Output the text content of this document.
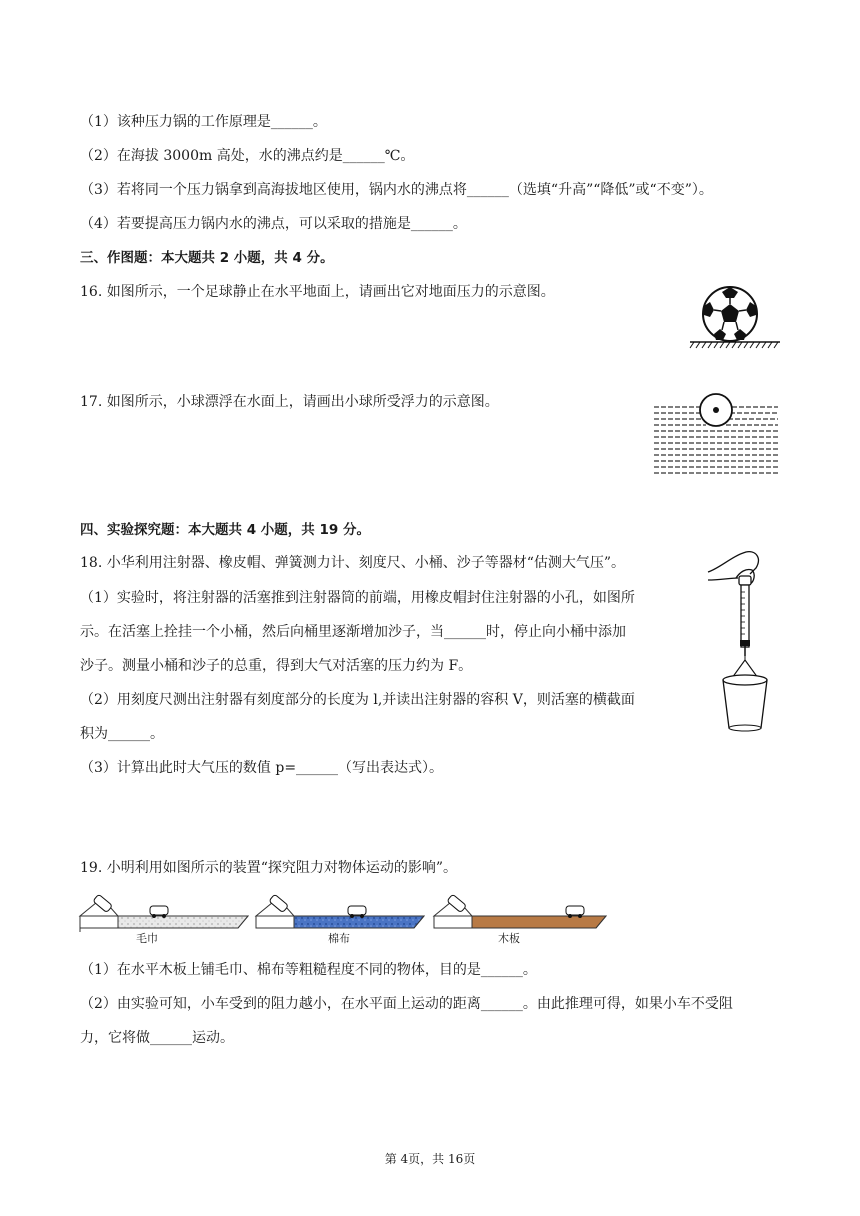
（1）该种压力锅的工作原理是______。
（2）在海拔 3000m 高处，水的沸点约是______℃。
（3）若将同一个压力锅拿到高海拔地区使用，锅内水的沸点将______（选填“升高”“降低”或“不变”）。
（4）若要提高压力锅内水的沸点，可以采取的措施是______。
三、作图题：本大题共 2 小题，共 4 分。
16. 如图所示，一个足球静止在水平地面上，请画出它对地面压力的示意图。
17. 如图所示，小球漂浮在水面上，请画出小球所受浮力的示意图。
四、实验探究题：本大题共 4 小题，共 19 分。
18. 小华利用注射器、橡皮帽、弹簧测力计、刻度尺、小桶、沙子等器材“估测大气压”。
（1）实验时，将注射器的活塞推到注射器筒的前端，用橡皮帽封住注射器的小孔，如图所
示。在活塞上拴挂一个小桶，然后向桶里逐渐增加沙子，当______时，停止向小桶中添加
沙子。测量小桶和沙子的总重，得到大气对活塞的压力约为 F。
（2）用刻度尺测出注射器有刻度部分的长度为 l,并读出注射器的容积 V，则活塞的横截面
积为______。
（3）计算出此时大气压的数值 p=______（写出表达式）。
19. 小明利用如图所示的装置“探究阻力对物体运动的影响”。
毛巾	棉布	木板
（1）在水平木板上铺毛巾、棉布等粗糙程度不同的物体，目的是______。
（2）由实验可知，小车受到的阻力越小，在水平面上运动的距离______。由此推理可得，如果小车不受阻
力，它将做______运动。
第 4页，共 16页
